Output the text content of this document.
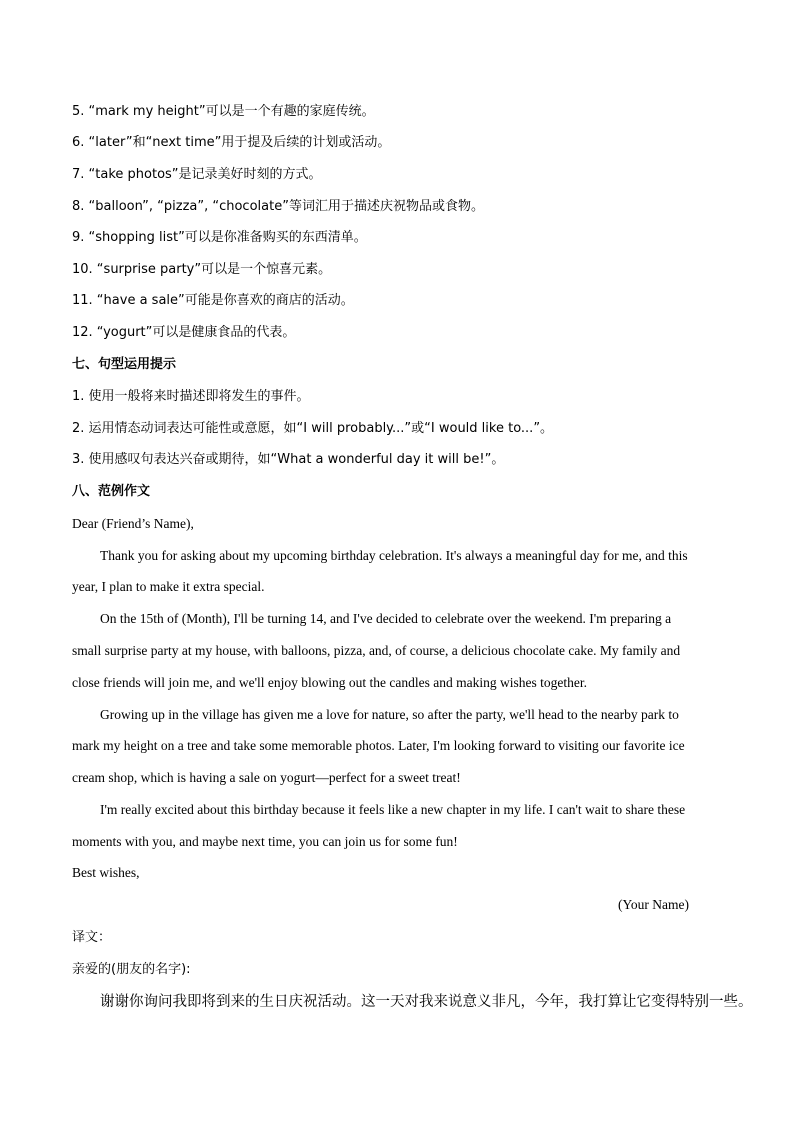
5. “mark my height”可以是一个有趣的家庭传统。
6. “later”和“next time”用于提及后续的计划或活动。
7. “take photos”是记录美好时刻的方式。
8. “balloon”, “pizza”, “chocolate”等词汇用于描述庆祝物品或食物。
9. “shopping list”可以是你准备购买的东西清单。
10. “surprise party”可以是一个惊喜元素。
11. “have a sale”可能是你喜欢的商店的活动。
12. “yogurt”可以是健康食品的代表。
七、句型运用提示
1. 使用一般将来时描述即将发生的事件。
2. 运用情态动词表达可能性或意愿，如“I will probably...”或“I would like to...”。
3. 使用感叹句表达兴奋或期待，如“What a wonderful day it will be!”。
八、范例作文
Dear (Friend’s Name),
Thank you for asking about my upcoming birthday celebration. It's always a meaningful day for me, and this
year, I plan to make it extra special.
On the 15th of (Month), I'll be turning 14, and I've decided to celebrate over the weekend. I'm preparing a
small surprise party at my house, with balloons, pizza, and, of course, a delicious chocolate cake. My family and
close friends will join me, and we'll enjoy blowing out the candles and making wishes together.
Growing up in the village has given me a love for nature, so after the party, we'll head to the nearby park to
mark my height on a tree and take some memorable photos. Later, I'm looking forward to visiting our favorite ice
cream shop, which is having a sale on yogurt—perfect for a sweet treat!
I'm really excited about this birthday because it feels like a new chapter in my life. I can't wait to share these
moments with you, and maybe next time, you can join us for some fun!
Best wishes,
(Your Name)
译文：
亲爱的(朋友的名字):
谢谢你询问我即将到来的生日庆祝活动。这一天对我来说意义非凡，今年，我打算让它变得特别一些。
